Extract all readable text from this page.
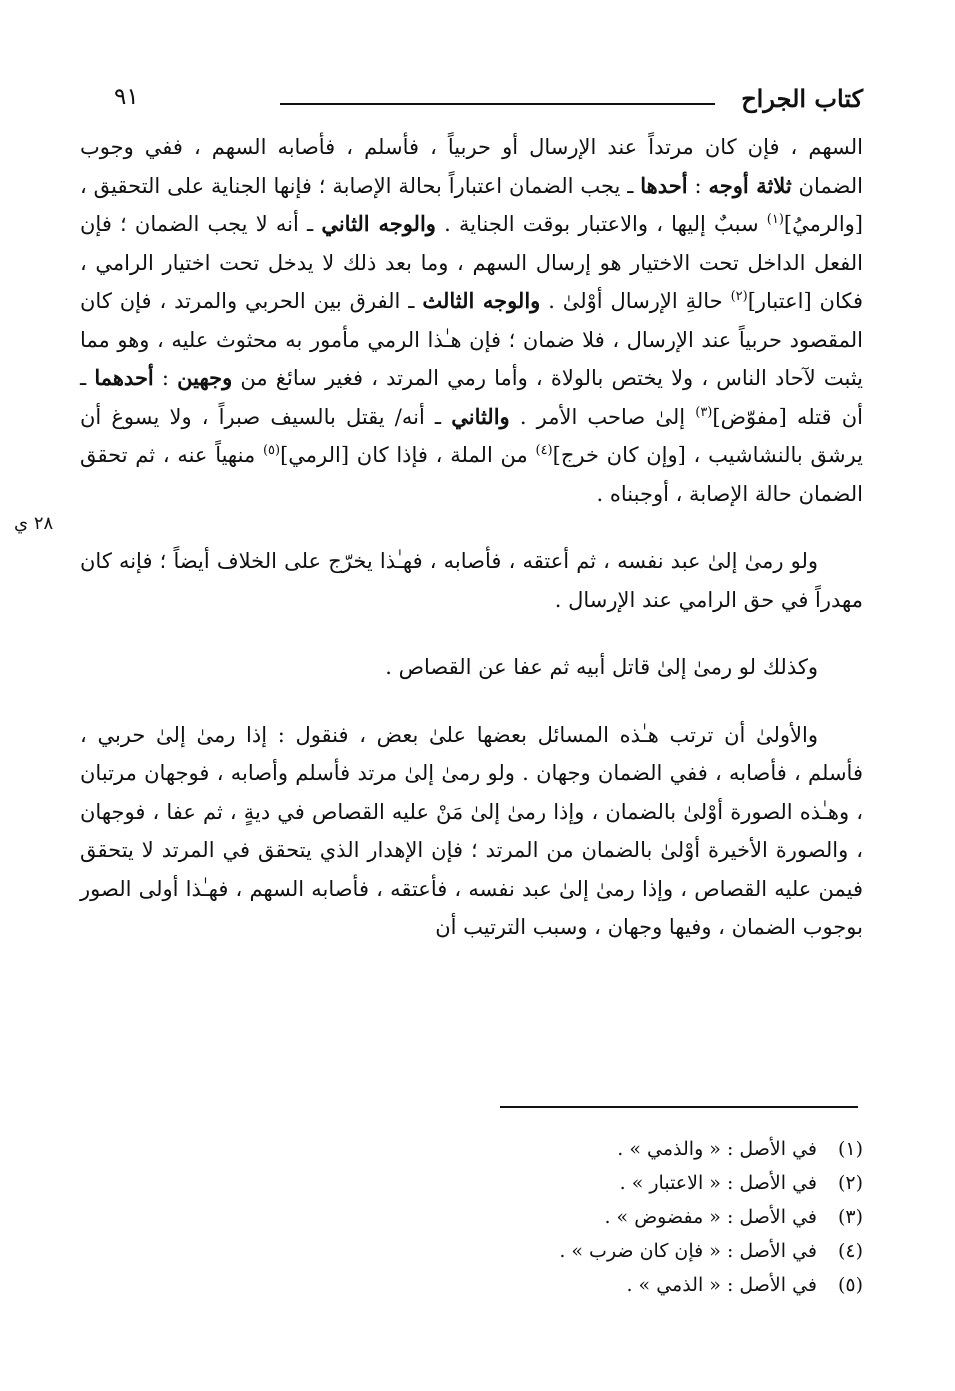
كتاب الجراح
٩١
٢٨ ي

السهم ، فإن كان مرتداً عند الإرسال أو حربياً ، فأسلم ، فأصابه السهم ، ففي وجوب الضمان ثلاثة أوجه : أحدها ـ يجب الضمان اعتباراً بحالة الإصابة ؛ فإنها الجناية على التحقيق ، [والرميُ]$^{(١)}$ سببٌ إليها ، والاعتبار بوقت الجناية . والوجه الثاني ـ أنه لا يجب الضمان ؛ فإن الفعل الداخل تحت الاختيار هو إرسال السهم ، وما بعد ذلك لا يدخل تحت اختيار الرامي ، فكان [اعتبار]$^{(٢)}$ حالةِ الإرسال أوْلىٰ . والوجه الثالث ـ الفرق بين الحربي والمرتد ، فإن كان المقصود حربياً عند الإرسال ، فلا ضمان ؛ فإن هـٰذا الرمي مأمور به محثوث عليه ، وهو مما يثبت لآحاد الناس ، ولا يختص بالولاة ، وأما رمي المرتد ، فغير سائغ من وجهين : أحدهما ـ أن قتله [مفوّض]$^{(٣)}$ إلىٰ صاحب الأمر . والثاني ـ أنه/ يقتل بالسيف صبراً ، ولا يسوغ أن يرشق بالنشاشيب ، [وإن كان خرج]$^{(٤)}$ من الملة ، فإذا كان [الرمي]$^{(٥)}$ منهياً عنه ، ثم تحقق الضمان حالة الإصابة ، أوجبناه .

ولو رمىٰ إلىٰ عبد نفسه ، ثم أعتقه ، فأصابه ، فهـٰذا يخرّج على الخلاف أيضاً ؛ فإنه كان مهدراً في حق الرامي عند الإرسال .

وكذلك لو رمىٰ إلىٰ قاتل أبيه ثم عفا عن القصاص .

والأولىٰ أن ترتب هـٰذه المسائل بعضها علىٰ بعض ، فنقول : إذا رمىٰ إلىٰ حربي ، فأسلم ، فأصابه ، ففي الضمان وجهان . ولو رمىٰ إلىٰ مرتد فأسلم وأصابه ، فوجهان مرتبان ، وهـٰذه الصورة أوْلىٰ بالضمان ، وإذا رمىٰ إلىٰ مَنْ عليه القصاص في ديةٍ ، ثم عفا ، فوجهان ، والصورة الأخيرة أوْلىٰ بالضمان من المرتد ؛ فإن الإهدار الذي يتحقق في المرتد لا يتحقق فيمن عليه القصاص ، وإذا رمىٰ إلىٰ عبد نفسه ، فأعتقه ، فأصابه السهم ، فهـٰذا أولى الصور بوجوب الضمان ، وفيها وجهان ، وسبب الترتيب أن

(١)في الأصل : « والذمي » .
(٢)في الأصل : « الاعتبار » .
(٣)في الأصل : « مفضوض » .
(٤)في الأصل : « فإن كان ضرب » .
(٥)في الأصل : « الذمي » .
